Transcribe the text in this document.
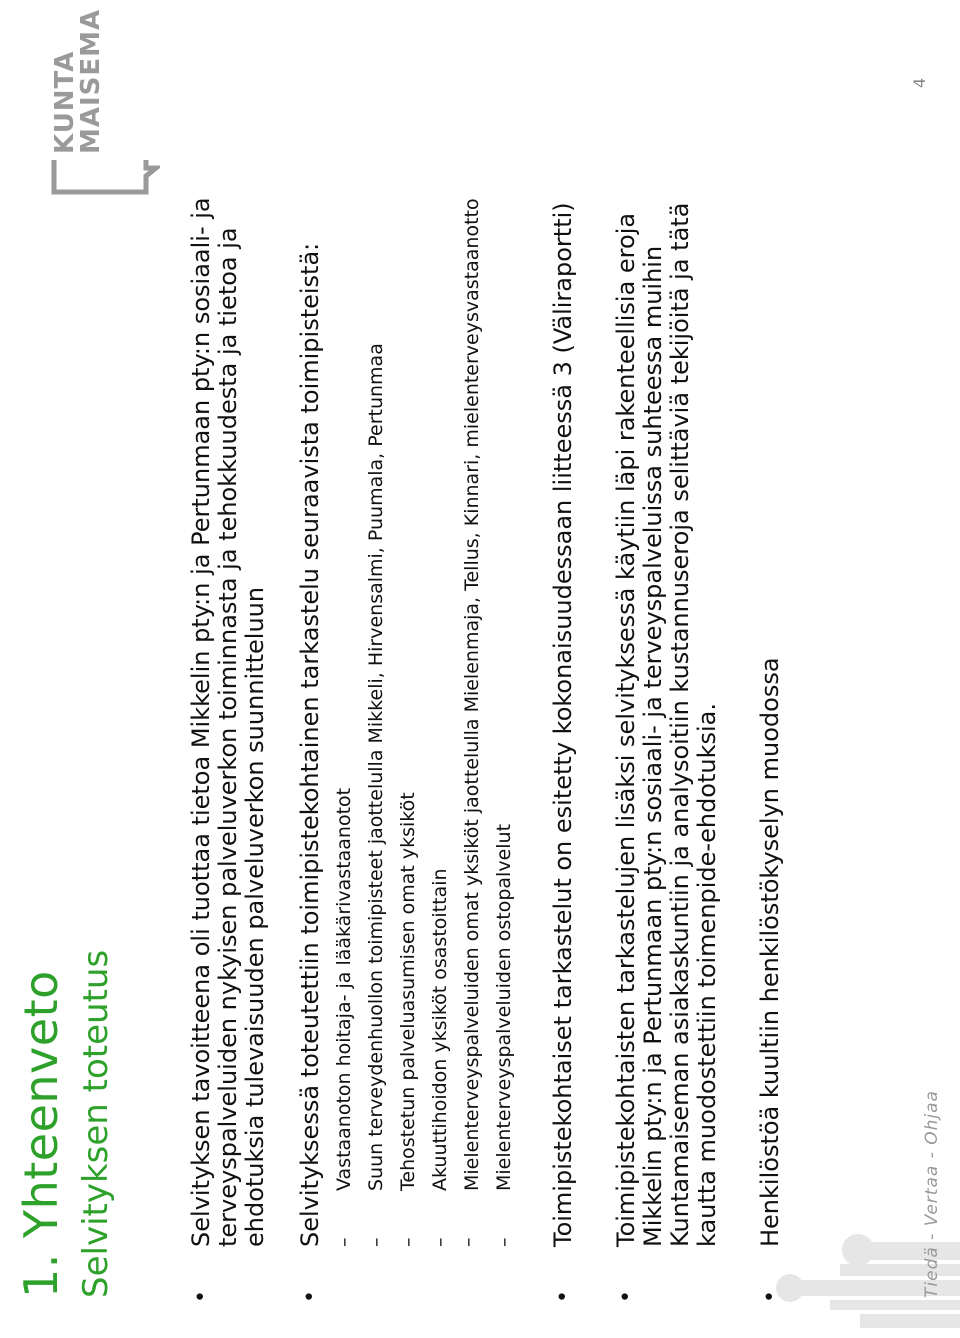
1. Yhteenveto Selvityksen toteutus
KUNTA
MAISEMA
•
Selvityksen tavoitteena oli tuottaa tietoa Mikkelin pty:n ja Pertunmaan pty:n sosiaali- ja terveyspalveluiden nykyisen palveluverkon toiminnasta ja tehokkuudesta ja tietoa ja ehdotuksia tulevaisuuden palveluverkon suunnitteluun
•
Selvityksessä toteutettiin toimipistekohtainen tarkastelu seuraavista toimipisteistä: –
Vastaanoton hoitaja- ja lääkärivastaanotot
–
Suun terveydenhuollon toimipisteet jaottelulla Mikkeli, Hirvensalmi, Puumala, Pertunmaa
–
Tehostetun palveluasumisen omat yksiköt
–
Akuuttihoidon yksiköt osastoittain
–
Mielenterveyspalveluiden omat yksiköt jaottelulla Mielenmaja, Tellus, Kinnari, mielenterveysvastaanotto
–
Mielenterveyspalveluiden ostopalvelut
•
Toimipistekohtaiset tarkastelut on esitetty kokonaisuudessaan liitteessä 3 (Väliraportti)
•
Toimipistekohtaisten tarkastelujen lisäksi selvityksessä käytiin läpi rakenteellisia eroja Mikkelin pty:n ja Pertunmaan pty:n sosiaali- ja terveyspalveluissa suhteessa muihin Kuntamaiseman asiakaskuntiin ja analysoitiin kustannuseroja selittäviä tekijöitä ja tätä kautta muodostettiin toimenpide-ehdotuksia.
•
Henkilöstöä kuultiin henkilöstökyselyn muodossa	Tiedä - Vertaa - Ohjaa
4
